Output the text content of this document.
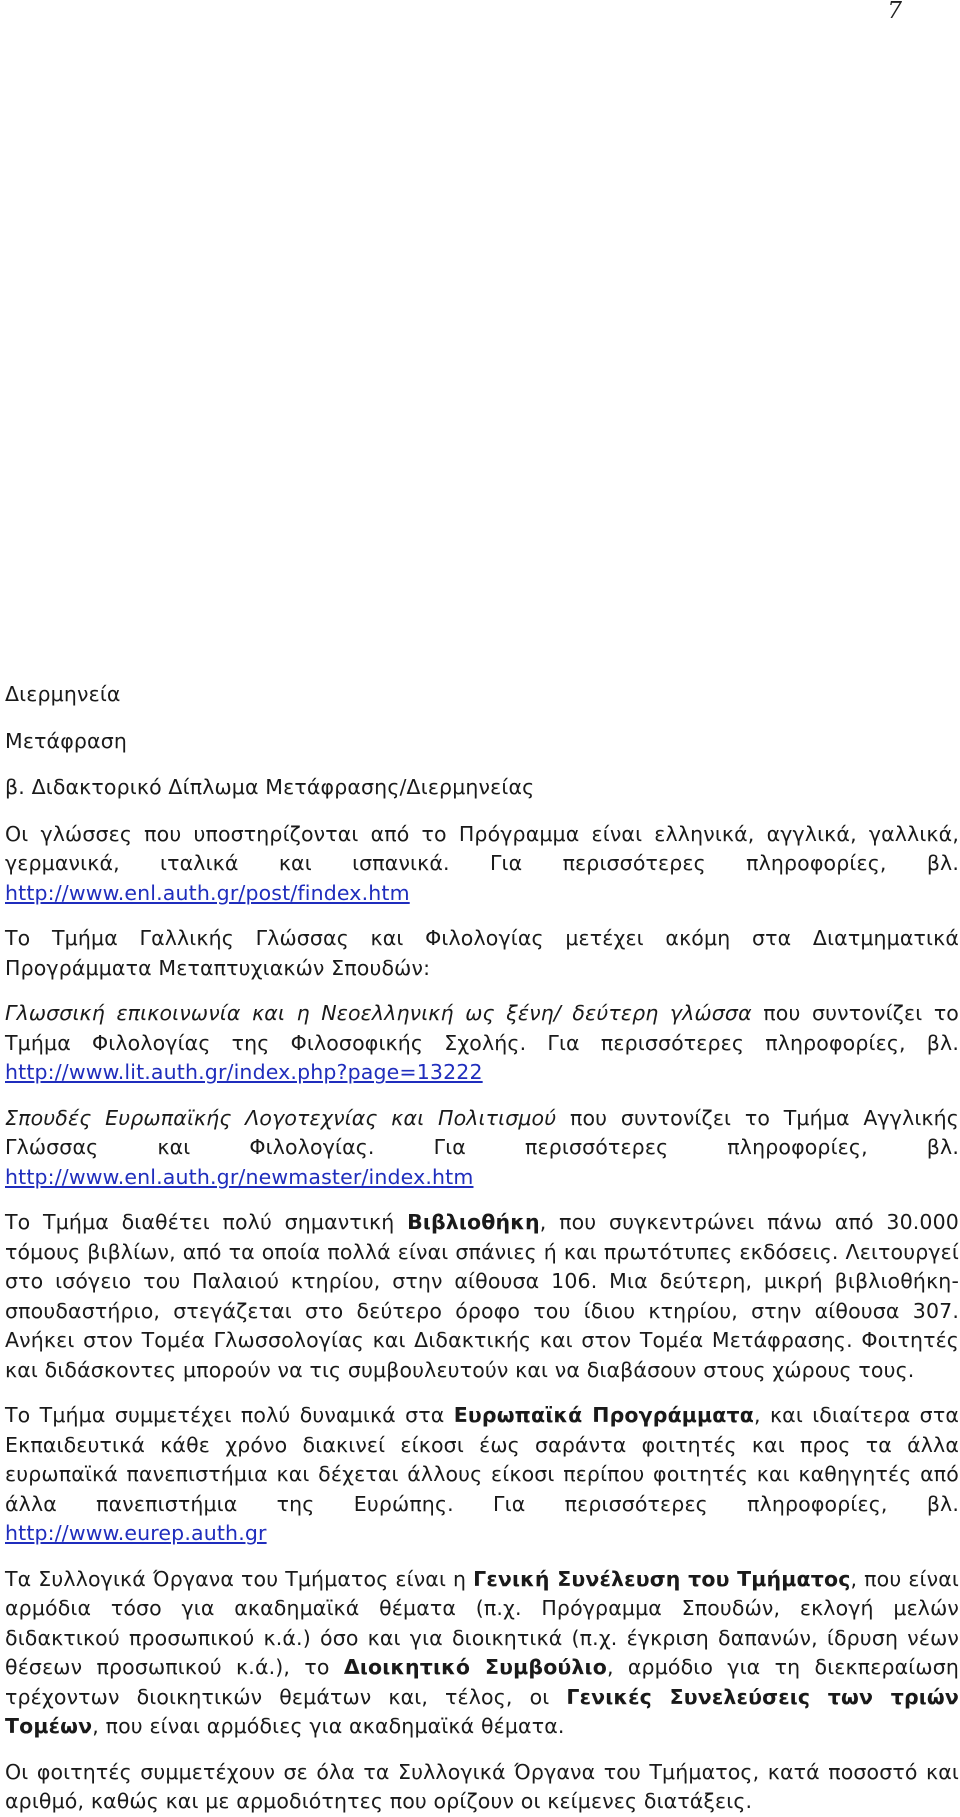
7
Διερμηνεία
Μετάφραση
β. Διδακτορικό Δίπλωμα Μετάφρασης/Διερμηνείας

Οι γλώσσες που υποστηρίζονται από το Πρόγραμμα είναι ελληνικά, αγγλικά, γαλλικά, γερμανικά, ιταλικά και ισπανικά. Για περισσότερες πληροφορίες, βλ. http://www.enl.auth.gr/post/findex.htm

Το Τμήμα Γαλλικής Γλώσσας και Φιλολογίας μετέχει ακόμη στα Διατμηματικά Προγράμματα Μεταπτυχιακών Σπουδών:

Γλωσσική επικοινωνία και η Νεοελληνική ως ξένη/ δεύτερη γλώσσα που συντονίζει το Τμήμα Φιλολογίας της Φιλοσοφικής Σχολής. Για περισσότερες πληροφορίες, βλ. http://www.lit.auth.gr/index.php?page=13222

Σπουδές Ευρωπαϊκής Λογοτεχνίας και Πολιτισμού που συντονίζει το Τμήμα Αγγλικής Γλώσσας και Φιλολογίας. Για περισσότερες πληροφορίες, βλ. http://www.enl.auth.gr/newmaster/index.htm

Το Τμήμα διαθέτει πολύ σημαντική Βιβλιοθήκη, που συγκεντρώνει πάνω από 30.000 τόμους βιβλίων, από τα οποία πολλά είναι σπάνιες ή και πρωτότυπες εκδόσεις. Λειτουργεί στο ισόγειο του Παλαιού κτηρίου, στην αίθουσα 106. Μια δεύτερη, μικρή βιβλιοθήκη-σπουδαστήριο, στεγάζεται στο δεύτερο όροφο του ίδιου κτηρίου, στην αίθουσα 307. Ανήκει στον Τομέα Γλωσσολογίας και Διδακτικής και στον Τομέα Μετάφρασης. Φοιτητές και διδάσκοντες μπορούν να τις συμβουλευτούν και να διαβάσουν στους χώρους τους.

Το Τμήμα συμμετέχει πολύ δυναμικά στα Ευρωπαϊκά Προγράμματα, και ιδιαίτερα στα Εκπαιδευτικά κάθε χρόνο διακινεί είκοσι έως σαράντα φοιτητές και προς τα άλλα ευρωπαϊκά πανεπιστήμια και δέχεται άλλους είκοσι περίπου φοιτητές και καθηγητές από άλλα πανεπιστήμια της Ευρώπης. Για περισσότερες πληροφορίες, βλ. http://www.eurep.auth.gr

Τα Συλλογικά Όργανα του Τμήματος είναι η Γενική Συνέλευση του Τμήματος, που είναι αρμόδια τόσο για ακαδημαϊκά θέματα (π.χ. Πρόγραμμα Σπουδών, εκλογή μελών διδακτικού προσωπικού κ.ά.) όσο και για διοικητικά (π.χ. έγκριση δαπανών, ίδρυση νέων θέσεων προσωπικού κ.ά.), το Διοικητικό Συμβούλιο, αρμόδιο για τη διεκπεραίωση τρέχοντων διοικητικών θεμάτων και, τέλος, οι Γενικές Συνελεύσεις των τριών Τομέων, που είναι αρμόδιες για ακαδημαϊκά θέματα.

Οι φοιτητές συμμετέχουν σε όλα τα Συλλογικά Όργανα του Τμήματος, κατά ποσοστό και αριθμό, καθώς και με αρμοδιότητες που ορίζουν οι κείμενες διατάξεις.
